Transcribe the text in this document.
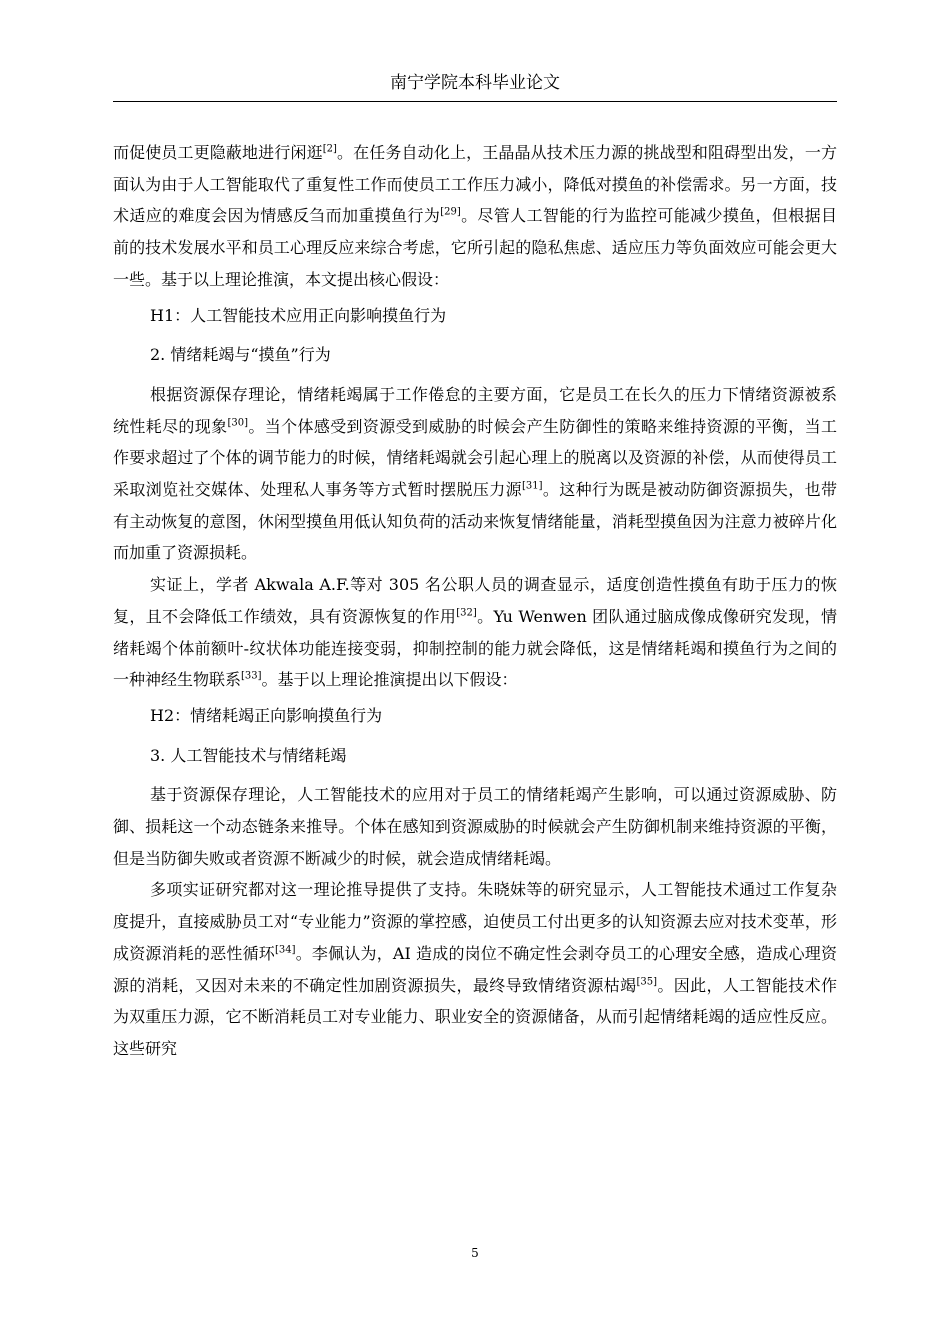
南宁学院本科毕业论文

而促使员工更隐蔽地进行闲逛[2]。在任务自动化上，王晶晶从技术压力源的挑战型和阻碍型出发，一方面认为由于人工智能取代了重复性工作而使员工工作压力减小，降低对摸鱼的补偿需求。另一方面，技术适应的难度会因为情感反刍而加重摸鱼行为[29]。尽管人工智能的行为监控可能减少摸鱼，但根据目前的技术发展水平和员工心理反应来综合考虑，它所引起的隐私焦虑、适应压力等负面效应可能会更大一些。基于以上理论推演，本文提出核心假设：

H1：人工智能技术应用正向影响摸鱼行为

2. 情绪耗竭与“摸鱼”行为

根据资源保存理论，情绪耗竭属于工作倦怠的主要方面，它是员工在长久的压力下情绪资源被系统性耗尽的现象[30]。当个体感受到资源受到威胁的时候会产生防御性的策略来维持资源的平衡，当工作要求超过了个体的调节能力的时候，情绪耗竭就会引起心理上的脱离以及资源的补偿，从而使得员工采取浏览社交媒体、处理私人事务等方式暂时摆脱压力源[31]。这种行为既是被动防御资源损失，也带有主动恢复的意图，休闲型摸鱼用低认知负荷的活动来恢复情绪能量，消耗型摸鱼因为注意力被碎片化而加重了资源损耗。

实证上，学者 Akwala A.F.等对 305 名公职人员的调查显示，适度创造性摸鱼有助于压力的恢复，且不会降低工作绩效，具有资源恢复的作用[32]。Yu Wenwen 团队通过脑成像成像研究发现，情绪耗竭个体前额叶-纹状体功能连接变弱，抑制控制的能力就会降低，这是情绪耗竭和摸鱼行为之间的一种神经生物联系[33]。基于以上理论推演提出以下假设：

H2：情绪耗竭正向影响摸鱼行为

3. 人工智能技术与情绪耗竭

基于资源保存理论，人工智能技术的应用对于员工的情绪耗竭产生影响，可以通过资源威胁、防御、损耗这一个动态链条来推导。个体在感知到资源威胁的时候就会产生防御机制来维持资源的平衡，但是当防御失败或者资源不断减少的时候，就会造成情绪耗竭。

多项实证研究都对这一理论推导提供了支持。朱晓妹等的研究显示，人工智能技术通过工作复杂度提升，直接威胁员工对“专业能力”资源的掌控感，迫使员工付出更多的认知资源去应对技术变革，形成资源消耗的恶性循环[34]。李佩认为，AI 造成的岗位不确定性会剥夺员工的心理安全感，造成心理资源的消耗，又因对未来的不确定性加剧资源损失，最终导致情绪资源枯竭[35]。因此，人工智能技术作为双重压力源，它不断消耗员工对专业能力、职业安全的资源储备，从而引起情绪耗竭的适应性反应。这些研究

5
